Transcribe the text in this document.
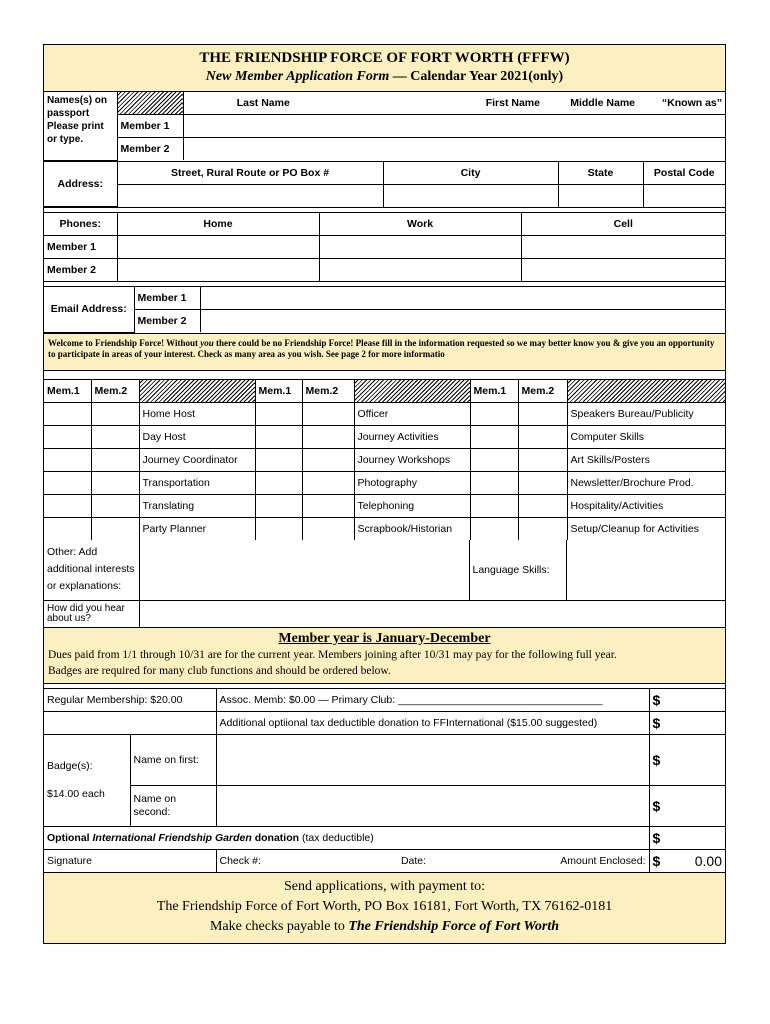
THE FRIENDSHIP FORCE OF FORT WORTH (FFFW)
New Member Application Form — Calendar Year 2021(only)
Names(s) on passport Please print or type.		Last Name	First Name	Middle Name	“Known as”
	Member 1				
	Member 2				
Address:	Street, Rural Route or PO Box #	City	State	Postal Code

Phones:	Home	Work	Cell
Member 1			
Member 2			
Email Address:	Member 1	
	Member 2	
Welcome to Friendship Force! Without you there could be no Friendship Force! Please fill in the information requested so we may better know you & give you an opportunity to participate in areas of your interest. Check as many area as you wish. See page 2 for more informatio
Mem.1	Mem.2		Mem.1	Mem.2		Mem.1	Mem.2	
		Home Host			Officer			Speakers Bureau/Publicity
		Day Host			Journey Activities			Computer Skills
		Journey Coordinator			Journey Workshops			Art Skills/Posters
		Transportation			Photography			Newsletter/Brochure Prod.
		Translating			Telephoning			Hospitality/Activities
		Party Planner			Scrapbook/Historian			Setup/Cleanup for Activities
Other: Add additional interests or explanations:		Language Skills:	
How did you hear about us?			
Member year is January-December
Dues paid from 1/1 through 10/31 are for the current year. Members joining after 10/31 may pay for the following full year.
Badges are required for many club functions and should be ordered below.
Regular Membership: $20.00		Assoc. Memb: $0.00 — Primary Club: ___________________________________	$
		Additional optiional tax deductible donation to FFInternational ($15.00 suggested)	$

Badge(s):
$14.00 each	Name on first:		$
	Name on second:		$
Optional International Friendship Garden donation (tax deductible)			$
Signature	Check #:	Date:	Amount Enclosed:	$ 0.00
Send applications, with payment to:
The Friendship Force of Fort Worth, PO Box 16181, Fort Worth, TX 76162-0181
Make checks payable to The Friendship Force of Fort Worth
